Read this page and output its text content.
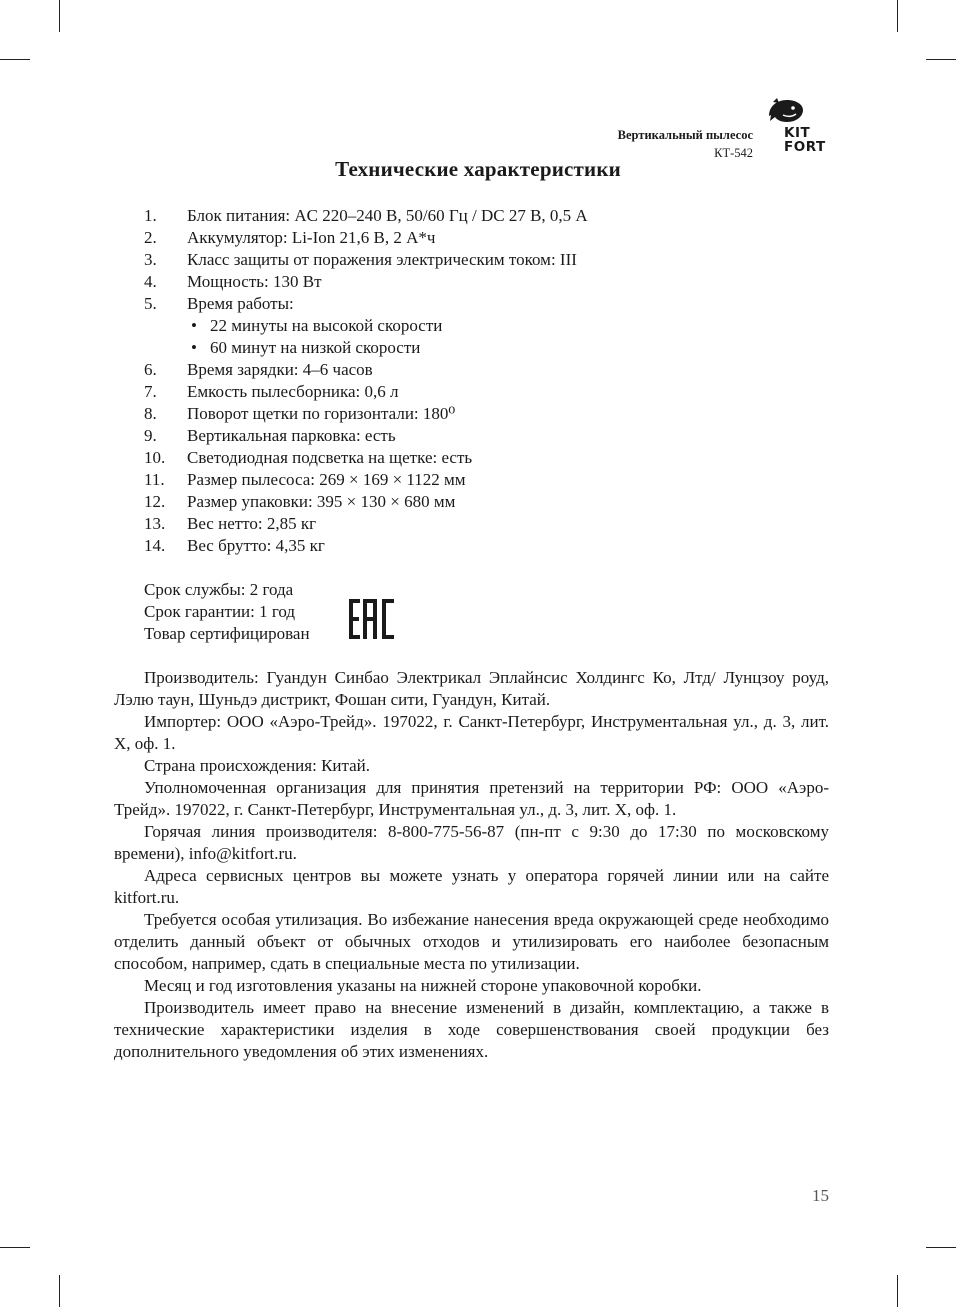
Вертикальный пылесос
КТ-542
KIT
FORT
Технические характеристики
1. Блок питания: AC 220–240 В, 50/60 Гц / DC 27 В, 0,5 А
2. Аккумулятор: Li-Ion 21,6 В, 2 А*ч
3. Класс защиты от поражения электрическим током: III
4. Мощность: 130 Вт
5. Время работы:
• 22 минуты на высокой скорости
• 60 минут на низкой скорости
6. Время зарядки: 4–6 часов
7. Емкость пылесборника: 0,6 л
8. Поворот щетки по горизонтали: 180⁰
9. Вертикальная парковка: есть
10. Светодиодная подсветка на щетке: есть
11. Размер пылесоса: 269 × 169 × 1122 мм
12. Размер упаковки: 395 × 130 × 680 мм
13. Вес нетто: 2,85 кг
14. Вес брутто: 4,35 кг
Срок службы: 2 года
Срок гарантии: 1 год
Товар сертифицирован

Производитель: Гуандун Синбао Электрикал Эплайнсис Холдингс Ко, Лтд/ Лунцзоу роуд, Лэлю таун, Шуньдэ дистрикт, Фошан сити, Гуандун, Китай.

Импортер: ООО «Аэро-Трейд». 197022, г. Санкт-Петербург, Инструментальная ул., д. 3, лит. Х, оф. 1.

Страна происхождения: Китай.

Уполномоченная организация для принятия претензий на территории РФ: ООО «Аэро-Трейд». 197022, г. Санкт-Петербург, Инструментальная ул., д. 3, лит. Х, оф. 1.

Горячая линия производителя: 8-800-775-56-87 (пн-пт с 9:30 до 17:30 по московскому времени), info@kitfort.ru.

Адреса сервисных центров вы можете узнать у оператора горячей линии или на сайте kitfort.ru.

Требуется особая утилизация. Во избежание нанесения вреда окружающей среде необходимо отделить данный объект от обычных отходов и утилизировать его наиболее безопасным способом, например, сдать в специальные места по утилизации.

Месяц и год изготовления указаны на нижней стороне упаковочной коробки.

Производитель имеет право на внесение изменений в дизайн, комплектацию, а также в технические характеристики изделия в ходе совершенствования своей продукции без дополнительного уведомления об этих изменениях.

15
